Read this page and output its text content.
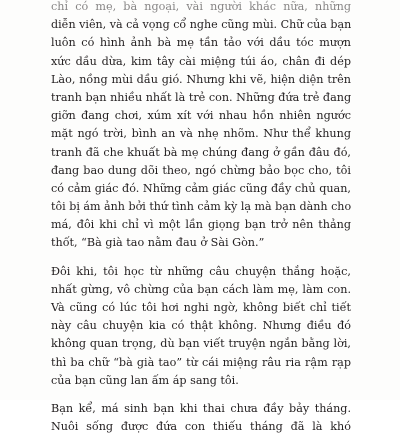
chỉ có mẹ, bà ngoại, vài người khác nữa, những
diễn viên, và cả vọng cổ nghe cũng mùi. Chữ của bạn
luôn có hình ảnh bà mẹ tần tảo với dầu tóc mượn
xức dầu dừa, kim tây cài miệng túi áo, chân đi dép
Lào, nồng mùi dầu gió. Nhưng khi vẽ, hiện diện trên
tranh bạn nhiều nhất là trẻ con. Những đứa trẻ đang
giỡn đang chơi, xúm xít với nhau hồn nhiên ngước
mặt ngó trời, bình an và nhẹ nhõm. Như thể khung
tranh đã che khuất bà mẹ chúng đang ở gần đâu đó,
đang bao dung dõi theo, ngó chừng bảo bọc cho, tôi
có cảm giác đó. Những cảm giác cũng đầy chủ quan,
tôi bị ám ảnh bởi thứ tình cảm kỳ lạ mà bạn dành cho
má, đôi khi chỉ vì một lần giọng bạn trở nên thảng
thốt, “Bà già tao nằm đau ở Sài Gòn.”
Đôi khi, tôi học từ những câu chuyện thắng hoặc,
nhất gừng, vô chừng của bạn cách làm mẹ, làm con.
Và cũng có lúc tôi hơi nghi ngờ, không biết chỉ tiết
này câu chuyện kia có thật không. Nhưng điều đó
không quan trọng, dù bạn viết truyện ngắn bằng lời,
thì ba chữ “bà già tao” từ cái miệng râu ria rậm rạp
của bạn cũng lan ấm áp sang tôi.
Bạn kể, má sinh bạn khi thai chưa đầy bảy tháng.
Nuôi sống được đứa con thiếu tháng đã là khó
